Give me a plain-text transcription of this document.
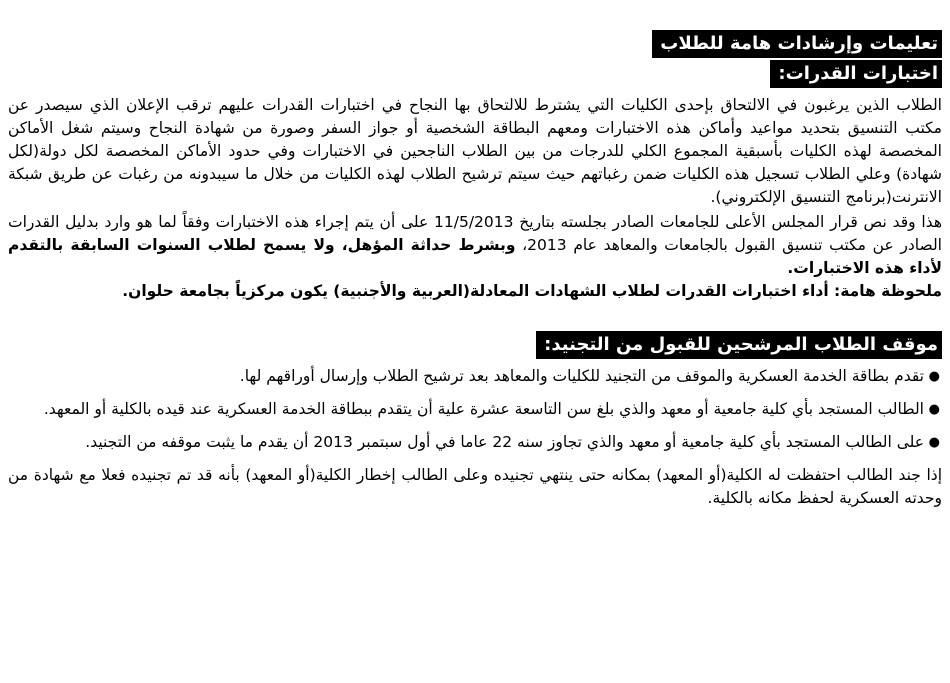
تعليمات وإرشادات هامة للطلاب
اختبارات القدرات:

الطلاب الذين يرغبون في الالتحاق بإحدى الكليات التي يشترط للالتحاق بها النجاح في اختبارات القدرات عليهم ترقب الإعلان الذي سيصدر عن مكتب التنسيق بتحديد مواعيد وأماكن هذه الاختبارات ومعهم البطاقة الشخصية أو جواز السفر وصورة من شهادة النجاح وسيتم شغل الأماكن المخصصة لهذه الكليات بأسبقية المجموع الكلي للدرجات من بين الطلاب الناجحين في الاختبارات وفي حدود الأماكن المخصصة لكل دولة(لكل شهادة) وعلي الطلاب تسجيل هذه الكليات ضمن رغباتهم حيث سيتم ترشيح الطلاب لهذه الكليات من خلال ما سيبدونه من رغبات عن طريق شبكة الانترنت(برنامج التنسيق الإلكتروني).

هذا وقد نص قرار المجلس الأعلى للجامعات الصادر بجلسته بتاريخ 11/5/2013 على أن يتم إجراء هذه الاختبارات وفقاً لما هو وارد بدليل القدرات الصادر عن مكتب تنسيق القبول بالجامعات والمعاهد عام 2013، وبشرط حداثة المؤهل، ولا يسمح لطلاب السنوات السابقة بالتقدم لأداء هذه الاختبارات.

ملحوظة هامة: أداء اختبارات القدرات لطلاب الشهادات المعادلة(العربية والأجنبية) يكون مركزياً بجامعة حلوان.

موقف الطلاب المرشحين للقبول من التجنيد:
●
تقدم بطاقة الخدمة العسكرية والموقف من التجنيد للكليات والمعاهد بعد ترشيح الطلاب وإرسال أوراقهم لها.
●
الطالب المستجد بأي كلية جامعية أو معهد والذي بلغ سن التاسعة عشرة علية أن يتقدم ببطاقة الخدمة العسكرية عند قيده بالكلية أو المعهد.
●
على الطالب المستجد بأي كلية جامعية أو معهد والذي تجاوز سنه 22 عاما في أول سبتمبر 2013 أن يقدم ما يثبت موقفه من التجنيد.

إذا جند الطالب احتفظت له الكلية(أو المعهد) بمكانه حتى ينتهي تجنيده وعلى الطالب إخطار الكلية(أو المعهد) بأنه قد تم تجنيده فعلا مع شهادة من وحدته العسكرية لحفظ مكانه بالكلية.
